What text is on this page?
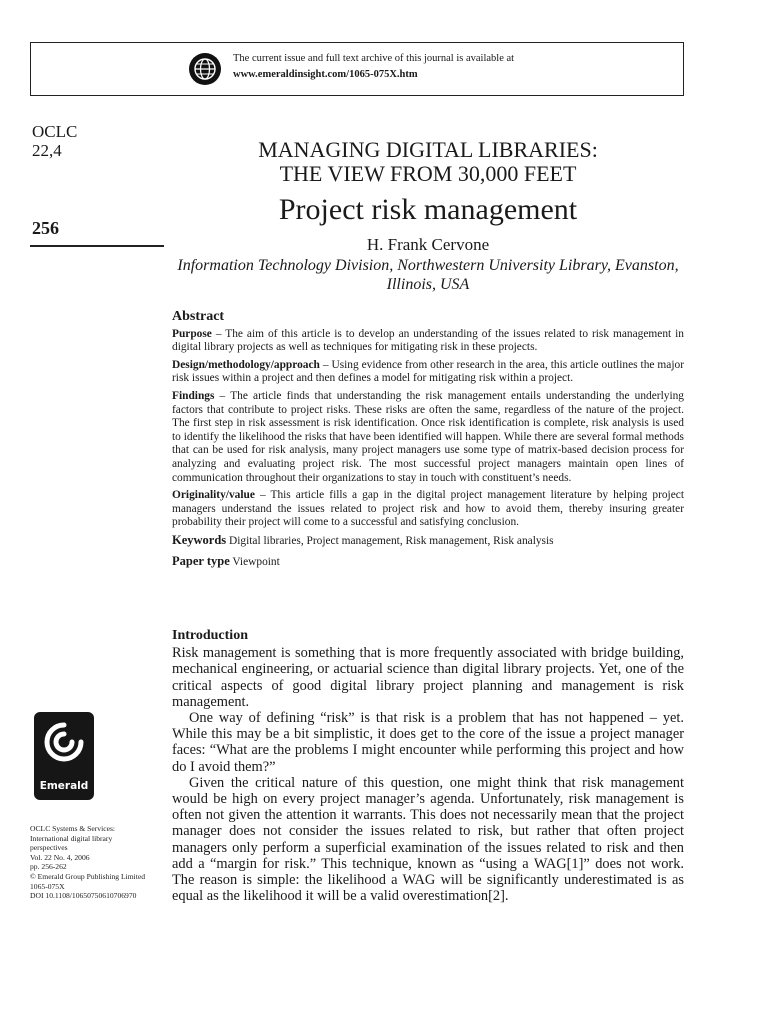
The current issue and full text archive of this journal is available at
www.emeraldinsight.com/1065-075X.htm
OCLC
22,4
256
MANAGING DIGITAL LIBRARIES:
THE VIEW FROM 30,000 FEET
Project risk management
H. Frank Cervone
Information Technology Division, Northwestern University Library, Evanston,
Illinois, USA
Abstract

Purpose – The aim of this article is to develop an understanding of the issues related to risk management in digital library projects as well as techniques for mitigating risk in these projects.

Design/methodology/approach – Using evidence from other research in the area, this article outlines the major risk issues within a project and then defines a model for mitigating risk within a project.

Findings – The article finds that understanding the risk management entails understanding the underlying factors that contribute to project risks. These risks are often the same, regardless of the nature of the project. The first step in risk assessment is risk identification. Once risk identification is complete, risk analysis is used to identify the likelihood the risks that have been identified will happen. While there are several formal methods that can be used for risk analysis, many project managers use some type of matrix-based decision process for analyzing and evaluating project risk. The most successful project managers maintain open lines of communication throughout their organizations to stay in touch with constituent’s needs.

Originality/value – This article fills a gap in the digital project management literature by helping project managers understand the issues related to project risk and how to avoid them, thereby insuring greater probability their project will come to a successful and satisfying conclusion.

Keywords Digital libraries, Project management, Risk management, Risk analysis

Paper type Viewpoint

Introduction

Risk management is something that is more frequently associated with bridge building, mechanical engineering, or actuarial science than digital library projects. Yet, one of the critical aspects of good digital library project planning and management is risk management.

One way of defining “risk” is that risk is a problem that has not happened – yet. While this may be a bit simplistic, it does get to the core of the issue a project manager faces: “What are the problems I might encounter while performing this project and how do I avoid them?”

Given the critical nature of this question, one might think that risk management would be high on every project manager’s agenda. Unfortunately, risk management is often not given the attention it warrants. This does not necessarily mean that the project manager does not consider the issues related to risk, but rather that often project managers only perform a superficial examination of the issues related to risk and then add a “margin for risk.” This technique, known as “using a WAG[1]” does not work. The reason is simple: the likelihood a WAG will be significantly underestimated is as equal as the likelihood it will be a valid overestimation[2].

Emerald
OCLC Systems & Services:
International digital library
perspectives
Vol. 22 No. 4, 2006
pp. 256-262
© Emerald Group Publishing Limited
1065-075X
DOI 10.1108/10650750610706970
